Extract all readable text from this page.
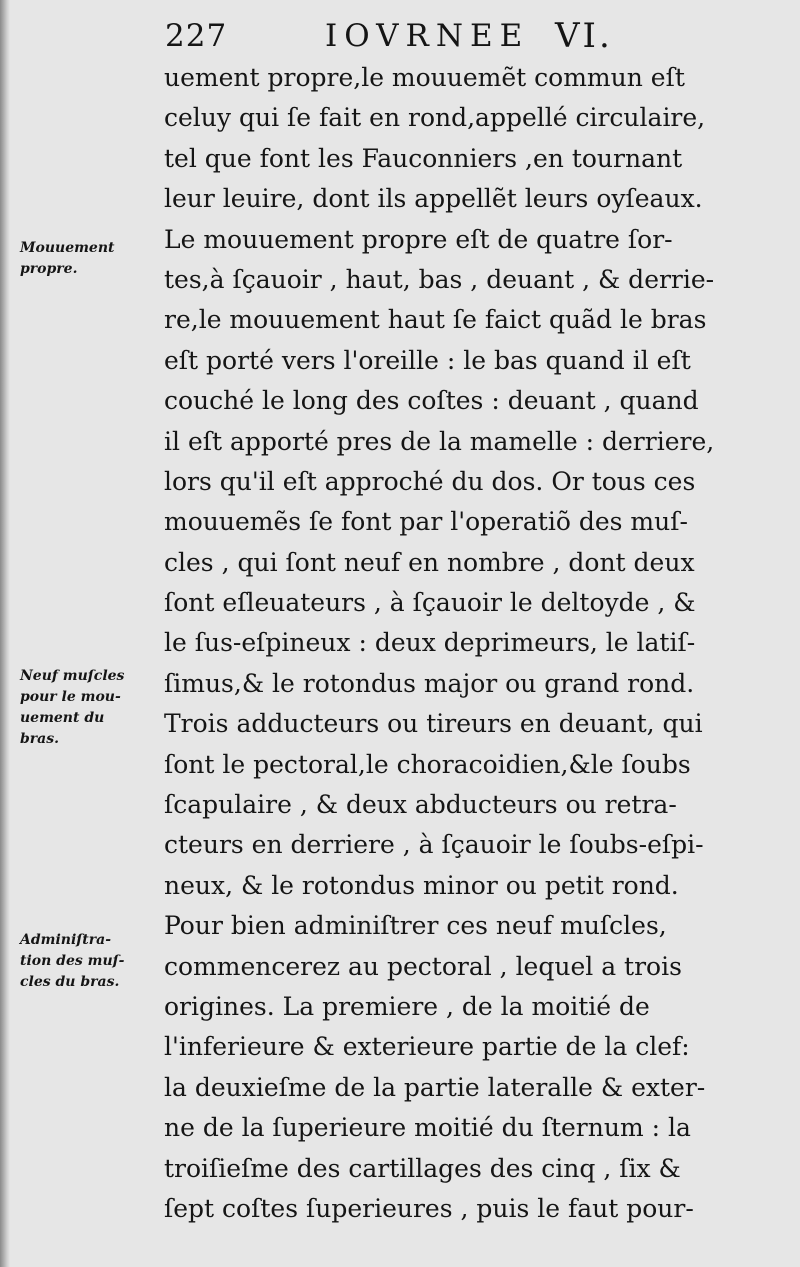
227	IOVRNEE VI.
uement propre,le mouuemẽt commun eſt
celuy qui ſe fait en rond,appellé circulaire,
tel que font les Fauconniers ,en tournant
leur leuire, dont ils appellẽt leurs oyſeaux.
Le mouuement propre eſt de quatre ſor-
tes,à ſçauoir , haut, bas , deuant , & derrie-
re,le mouuement haut ſe faict quãd le bras
eſt porté vers l'oreille : le bas quand il eſt
couché le long des coſtes : deuant , quand
il eſt apporté pres de la mamelle : derriere,
lors qu'il eſt approché du dos. Or tous ces
mouuemẽs ſe font par l'operatiõ des muſ-
cles , qui ſont neuf en nombre , dont deux
ſont eſleuateurs , à ſçauoir le deltoyde , &
le ſus-eſpineux : deux deprimeurs, le latiſ-
ſimus,& le rotondus major ou grand rond.
Trois adducteurs ou tireurs en deuant, qui
ſont le pectoral,le choracoidien,&le ſoubs
ſcapulaire , & deux abducteurs ou retra-
cteurs en derriere , à ſçauoir le ſoubs-eſpi-
neux, & le rotondus minor ou petit rond.
Pour bien adminiſtrer ces neuf muſcles,
commencerez au pectoral , lequel a trois
origines. La premiere , de la moitié de
l'inferieure & exterieure partie de la clef:
la deuxieſme de la partie lateralle & exter-
ne de la ſuperieure moitié du ſternum : la
troiſieſme des cartillages des cinq , ſix &
ſept coſtes ſuperieures , puis le faut pour-
Mouuement
propre.
Neuf muſcles
pour le mou-
uement du
bras.
Adminiſtra-
tion des muſ-
cles du bras.
